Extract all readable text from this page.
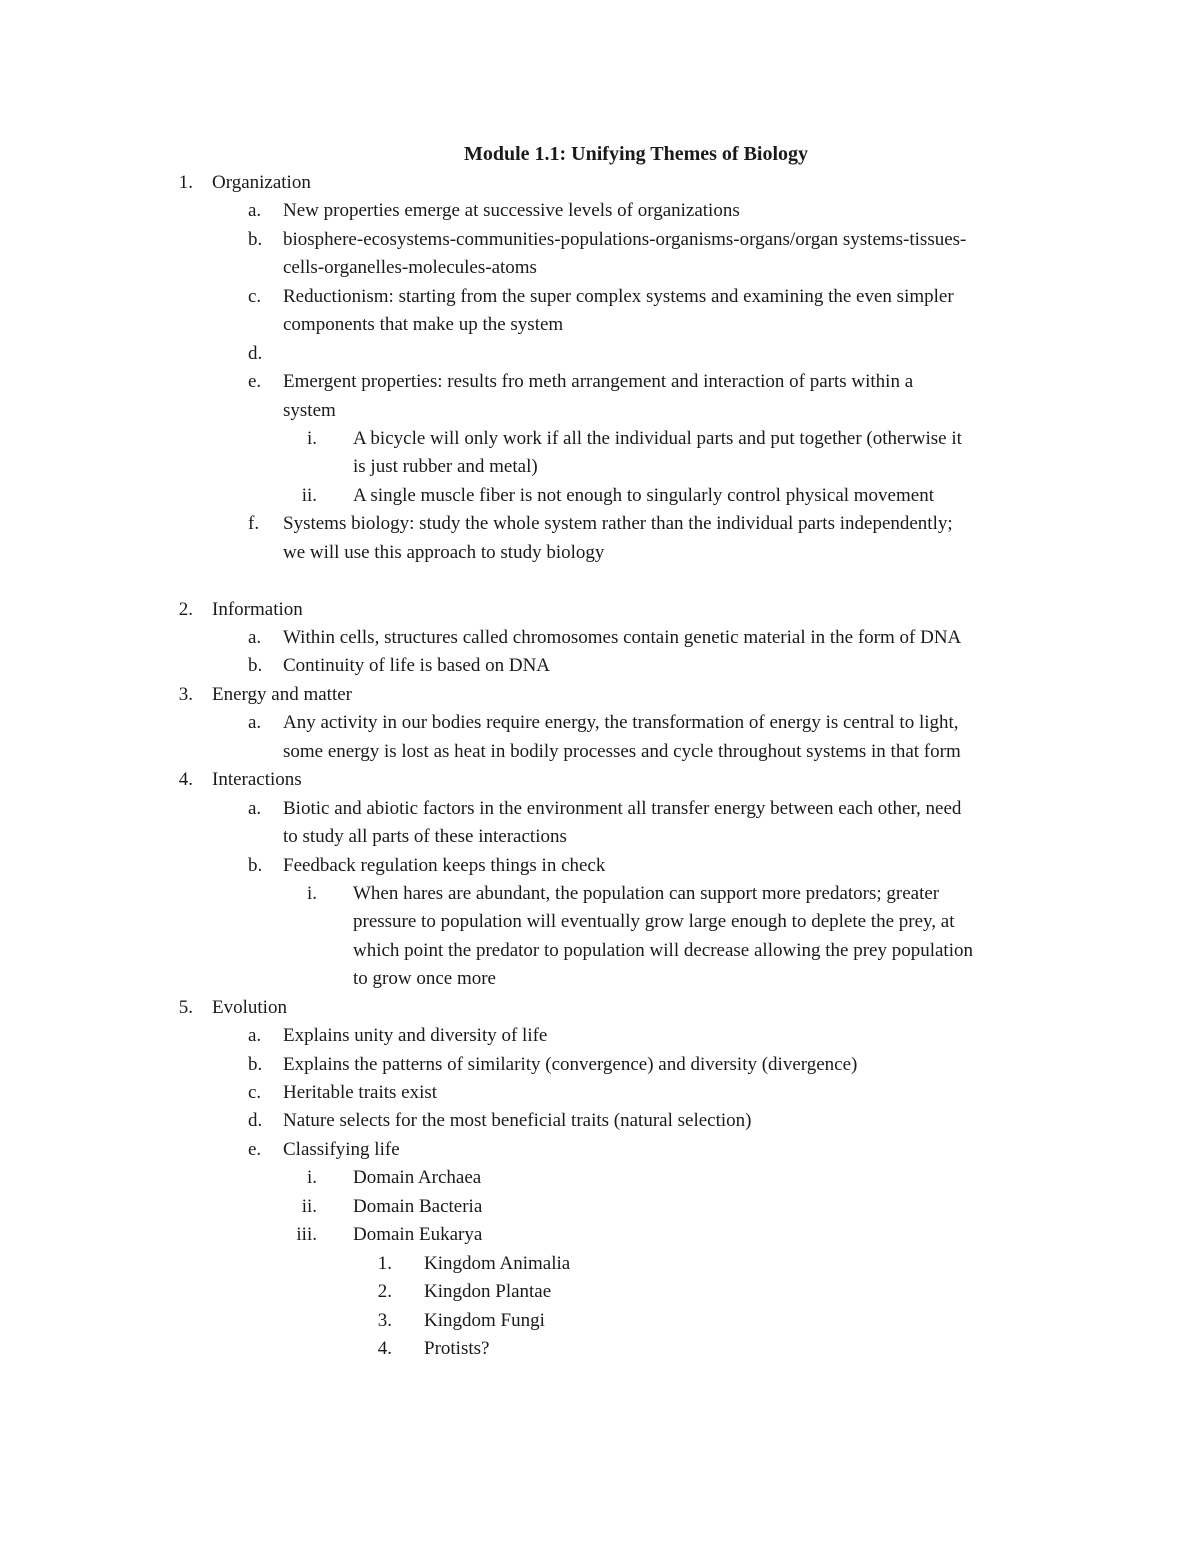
Module 1.1: Unifying Themes of Biology
1. Organization
a. New properties emerge at successive levels of organizations
b. biosphere-ecosystems-communities-populations-organisms-organs/organ systems-tissues-
cells-organelles-molecules-atoms
c. Reductionism: starting from the super complex systems and examining the even simpler
components that make up the system
d.
e. Emergent properties: results fro meth arrangement and interaction of parts within a
system
i. A bicycle will only work if all the individual parts and put together (otherwise it
is just rubber and metal)
ii. A single muscle fiber is not enough to singularly control physical movement
f. Systems biology: study the whole system rather than the individual parts independently;
we will use this approach to study biology
2. Information
a. Within cells, structures called chromosomes contain genetic material in the form of DNA
b. Continuity of life is based on DNA
3. Energy and matter
a. Any activity in our bodies require energy, the transformation of energy is central to light,
some energy is lost as heat in bodily processes and cycle throughout systems in that form
4. Interactions
a. Biotic and abiotic factors in the environment all transfer energy between each other, need
to study all parts of these interactions
b. Feedback regulation keeps things in check
i. When hares are abundant, the population can support more predators; greater
pressure to population will eventually grow large enough to deplete the prey, at
which point the predator to population will decrease allowing the prey population
to grow once more
5. Evolution
a. Explains unity and diversity of life
b. Explains the patterns of similarity (convergence) and diversity (divergence)
c. Heritable traits exist
d. Nature selects for the most beneficial traits (natural selection)
e. Classifying life
i. Domain Archaea
ii. Domain Bacteria
iii. Domain Eukarya
1. Kingdom Animalia
2. Kingdon Plantae
3. Kingdom Fungi
4. Protists?
